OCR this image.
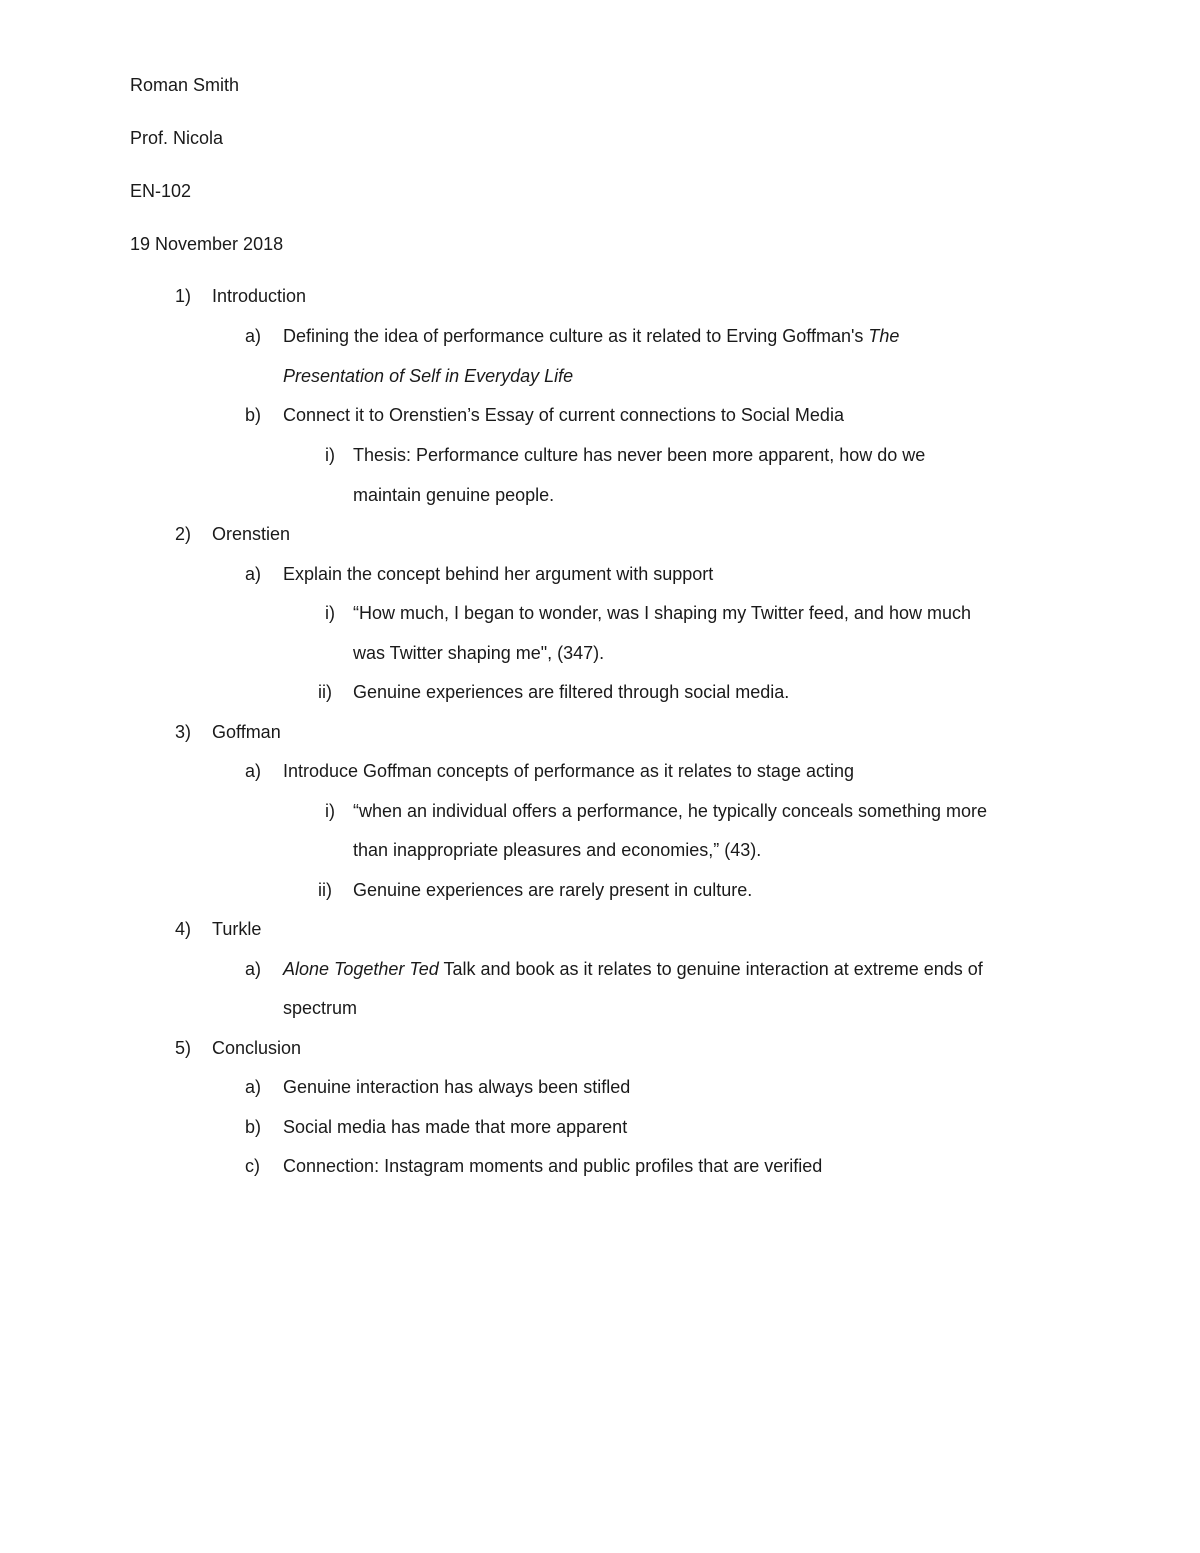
Roman Smith
Prof. Nicola
EN-102
19 November 2018
1) Introduction
a) Defining the idea of performance culture as it related to Erving Goffman's The
Presentation of Self in Everyday Life
b) Connect it to Orenstien’s Essay of current connections to Social Media
i) Thesis: Performance culture has never been more apparent, how do we
maintain genuine people.
2) Orenstien
a) Explain the concept behind her argument with support
i) “How much, I began to wonder, was I shaping my Twitter feed, and how much
was Twitter shaping me", (347).
ii) Genuine experiences are filtered through social media.
3) Goffman
a) Introduce Goffman concepts of performance as it relates to stage acting
i) “when an individual offers a performance, he typically conceals something more
than inappropriate pleasures and economies,” (43).
ii) Genuine experiences are rarely present in culture.
4) Turkle
a) Alone Together Ted Talk and book as it relates to genuine interaction at extreme ends of
spectrum
5) Conclusion
a) Genuine interaction has always been stifled
b) Social media has made that more apparent
c) Connection: Instagram moments and public profiles that are verified
